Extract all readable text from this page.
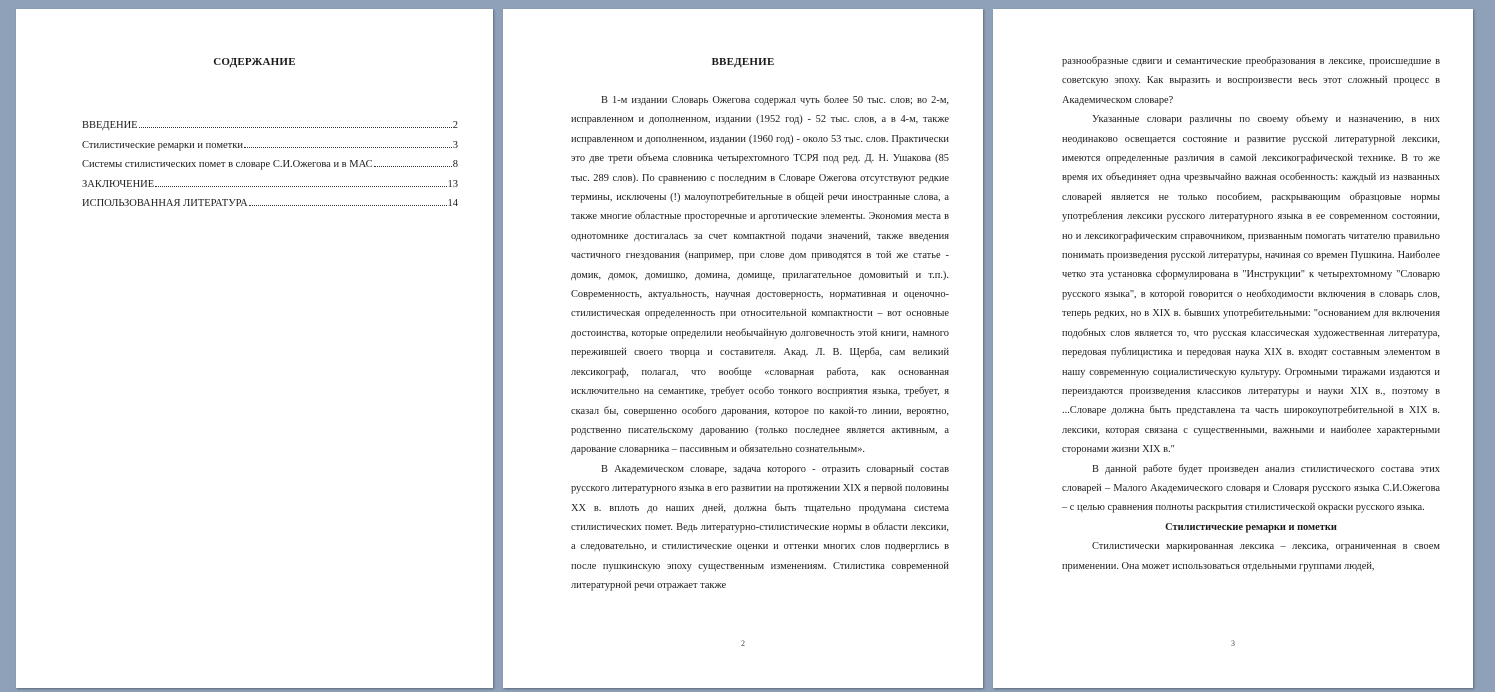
СОДЕРЖАНИЕ
ВВЕДЕНИЕ	2
Стилистические ремарки и пометки	3
Системы стилистических помет в словаре С.И.Ожегова и в МАС	8
ЗАКЛЮЧЕНИЕ	13
ИСПОЛЬЗОВАННАЯ ЛИТЕРАТУРА	14
ВВЕДЕНИЕ

В 1-м издании Словарь Ожегова содержал чуть более 50 тыс. слов; во 2-м, исправленном и дополненном, издании (1952 год) - 52 тыс. слов, а в 4-м, также исправленном и дополненном, издании (1960 год) - около 53 тыс. слов. Практически это две трети объема словника четырехтомного ТСРЯ под ред. Д. Н. Ушакова (85 тыс. 289 слов). По сравнению с последним в Словаре Ожегова отсутствуют редкие термины, исключены (!) малоупотребительные в общей речи иностранные слова, а также многие областные просторечные и арготические элементы. Экономия места в однотомнике достигалась за счет компактной подачи значений, также введения частичного гнездования (например, при слове дом приводятся в той же статье - домик, домок, домишко, домина, домище, прилагательное домовитый и т.п.). Современность, актуальность, научная достоверность, нормативная и оценочно-стилистическая определенность при относительной компактности – вот основные достоинства, которые определили необычайную долговечность этой книги, намного пережившей своего творца и составителя. Акад. Л. В. Щерба, сам великий лексикограф, полагал, что вообще «словарная работа, как основанная исключительно на семантике, требует особо тонкого восприятия языка, требует, я сказал бы, совершенно особого дарования, которое по какой-то линии, вероятно, родственно писательскому дарованию (только последнее является активным, а дарование словарника – пассивным и обязательно сознательным».

В Академическом словаре, задача которого - отразить словарный состав русского литературного языка в его развитии на протяжении XIX я первой половины XX в. вплоть до наших дней, должна быть тщательно продумана система стилистических помет. Ведь литературно-стилистические нормы в области лексики, а следовательно, и стилистические оценки и оттенки многих слов подверглись в после пушкинскую эпоху существенным изменениям. Стилистика современной литературной речи отражает также

2

разнообразные сдвиги и семантические преобразования в лексике, происшедшие в советскую эпоху. Как выразить и воспроизвести весь этот сложный процесс в Академическом словаре?

Указанные словари различны по своему объему и назначению, в них неодинаково освещается состояние и развитие русской литературной лексики, имеются определенные различия в самой лексикографической технике. В то же время их объединяет одна чрезвычайно важная особенность: каждый из названных словарей является не только пособием, раскрывающим образцовые нормы употребления лексики русского литературного языка в ее современном состоянии, но и лексикографическим справочником, призванным помогать читателю правильно понимать произведения русской литературы, начиная со времен Пушкина. Наиболее четко эта установка сформулирована в "Инструкции" к четырехтомному "Словарю русского языка", в которой говорится о необходимости включения в словарь слов, теперь редких, но в XIX в. бывших употребительными: "основанием для включения подобных слов является то, что русская классическая художественная литература, передовая публицистика и передовая наука XIX в. входят составным элементом в нашу современную социалистическую культуру. Огромными тиражами издаются и переиздаются произведения классиков литературы и науки XIX в., поэтому в ...Словаре должна быть представлена та часть широкоупотребительной в XIX в. лексики, которая связана с существенными, важными и наиболее характерными сторонами жизни XIX в."

В данной работе будет произведен анализ стилистического состава этих словарей – Малого Академического словаря и Словаря русского языка С.И.Ожегова – с целью сравнения полноты раскрытия стилистической окраски русского языка.

Стилистические ремарки и пометки

Стилистически маркированная лексика – лексика, ограниченная в своем применении. Она может использоваться отдельными группами людей,

3
